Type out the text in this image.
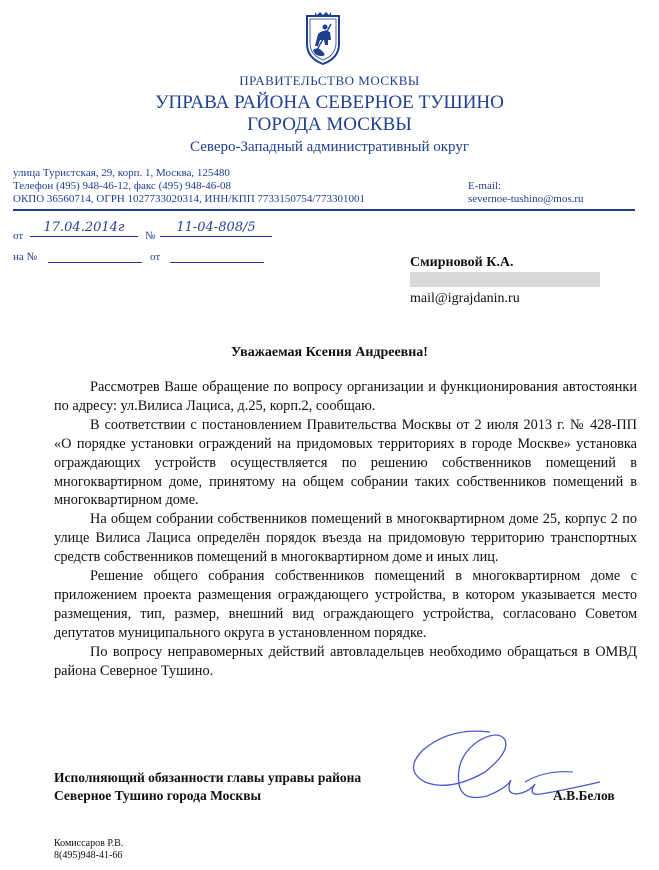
ПРАВИТЕЛЬСТВО МОСКВЫ
УПРАВА РАЙОНА СЕВЕРНОЕ ТУШИНО
ГОРОДА МОСКВЫ
Северо-Западный административный округ
улица Туристская, 29, корп. 1, Москва, 125480
Телефон (495) 948-46-12, факс (495) 948-46-08
ОКПО 36560714, ОГРН 1027733020314, ИНН/КПП 7733150754/773301001
E-mail:
severnoe-tushino@mos.ru
от
17.04.2014г
№
11-04-808/5
на №	от	Смирновой К.А.
mail@igrajdanin.ru
Уважаемая Ксения Андреевна!

Рассмотрев Ваше обращение по вопросу организации и функционирования автостоянки по адресу: ул.Вилиса Лациса, д.25, корп.2, сообщаю.

В соответствии с постановлением Правительства Москвы от 2 июля 2013 г. № 428-ПП «О порядке установки ограждений на придомовых территориях в городе Москве» установка ограждающих устройств осуществляется по решению собственников помещений в многоквартирном доме, принятому на общем собрании таких собственников помещений в многоквартирном доме.

На общем собрании собственников помещений в многоквартирном доме 25, корпус 2 по улице Вилиса Лациса определён порядок въезда на придомовую территорию транспортных средств собственников помещений в многоквартирном доме и иных лиц.

Решение общего собрания собственников помещений в многоквартирном доме с приложением проекта размещения ограждающего устройства, в котором указывается место размещения, тип, размер, внешний вид ограждающего устройства, согласовано Советом депутатов муниципального округа в установленном порядке.

По вопросу неправомерных действий автовладельцев необходимо обращаться в ОМВД района Северное Тушино.

Исполняющий обязанности главы управы района
Северное Тушино города Москвы	А.В.Белов
Комиссаров Р.В.
8(495)948-41-66
